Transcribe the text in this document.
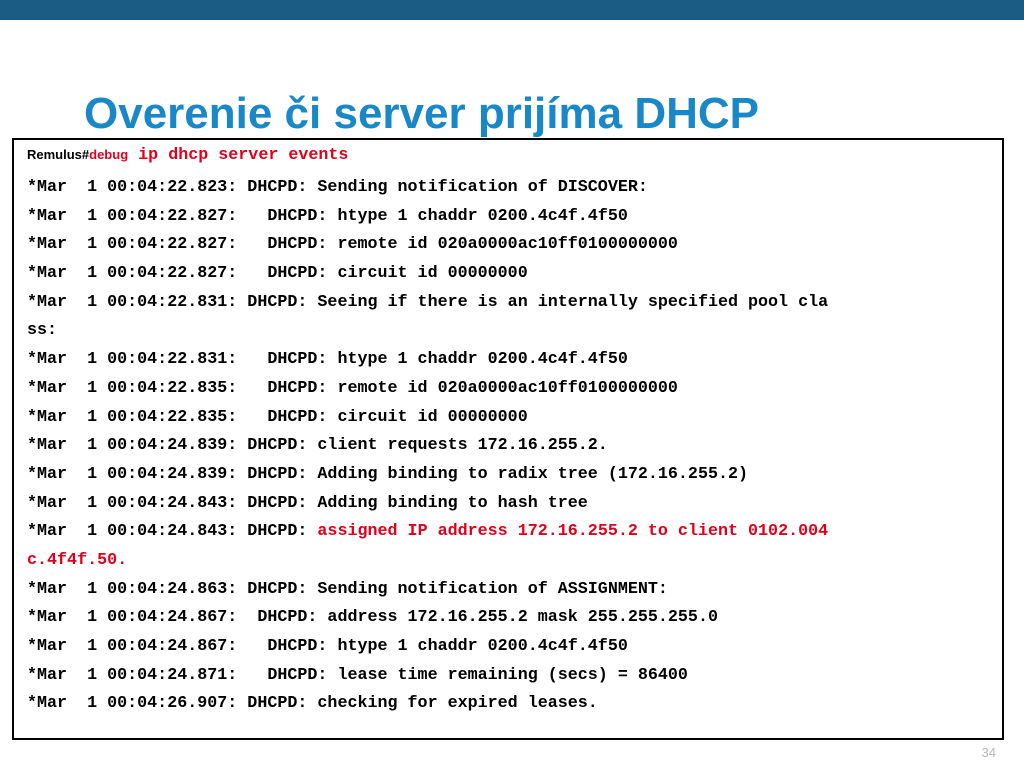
Overenie či server prijíma DHCP
Remulus#debug ip dhcp server events
*Mar  1 00:04:22.823: DHCPD: Sending notification of DISCOVER:
*Mar  1 00:04:22.827:   DHCPD: htype 1 chaddr 0200.4c4f.4f50
*Mar  1 00:04:22.827:   DHCPD: remote id 020a0000ac10ff0100000000
*Mar  1 00:04:22.827:   DHCPD: circuit id 00000000
*Mar  1 00:04:22.831: DHCPD: Seeing if there is an internally specified pool cla
ss:
*Mar  1 00:04:22.831:   DHCPD: htype 1 chaddr 0200.4c4f.4f50
*Mar  1 00:04:22.835:   DHCPD: remote id 020a0000ac10ff0100000000
*Mar  1 00:04:22.835:   DHCPD: circuit id 00000000
*Mar  1 00:04:24.839: DHCPD: client requests 172.16.255.2.
*Mar  1 00:04:24.839: DHCPD: Adding binding to radix tree (172.16.255.2)
*Mar  1 00:04:24.843: DHCPD: Adding binding to hash tree
*Mar  1 00:04:24.843: DHCPD: assigned IP address 172.16.255.2 to client 0102.004
c.4f4f.50.
*Mar  1 00:04:24.863: DHCPD: Sending notification of ASSIGNMENT:
*Mar  1 00:04:24.867:  DHCPD: address 172.16.255.2 mask 255.255.255.0
*Mar  1 00:04:24.867:   DHCPD: htype 1 chaddr 0200.4c4f.4f50
*Mar  1 00:04:24.871:   DHCPD: lease time remaining (secs) = 86400
*Mar  1 00:04:26.907: DHCPD: checking for expired leases.
34
